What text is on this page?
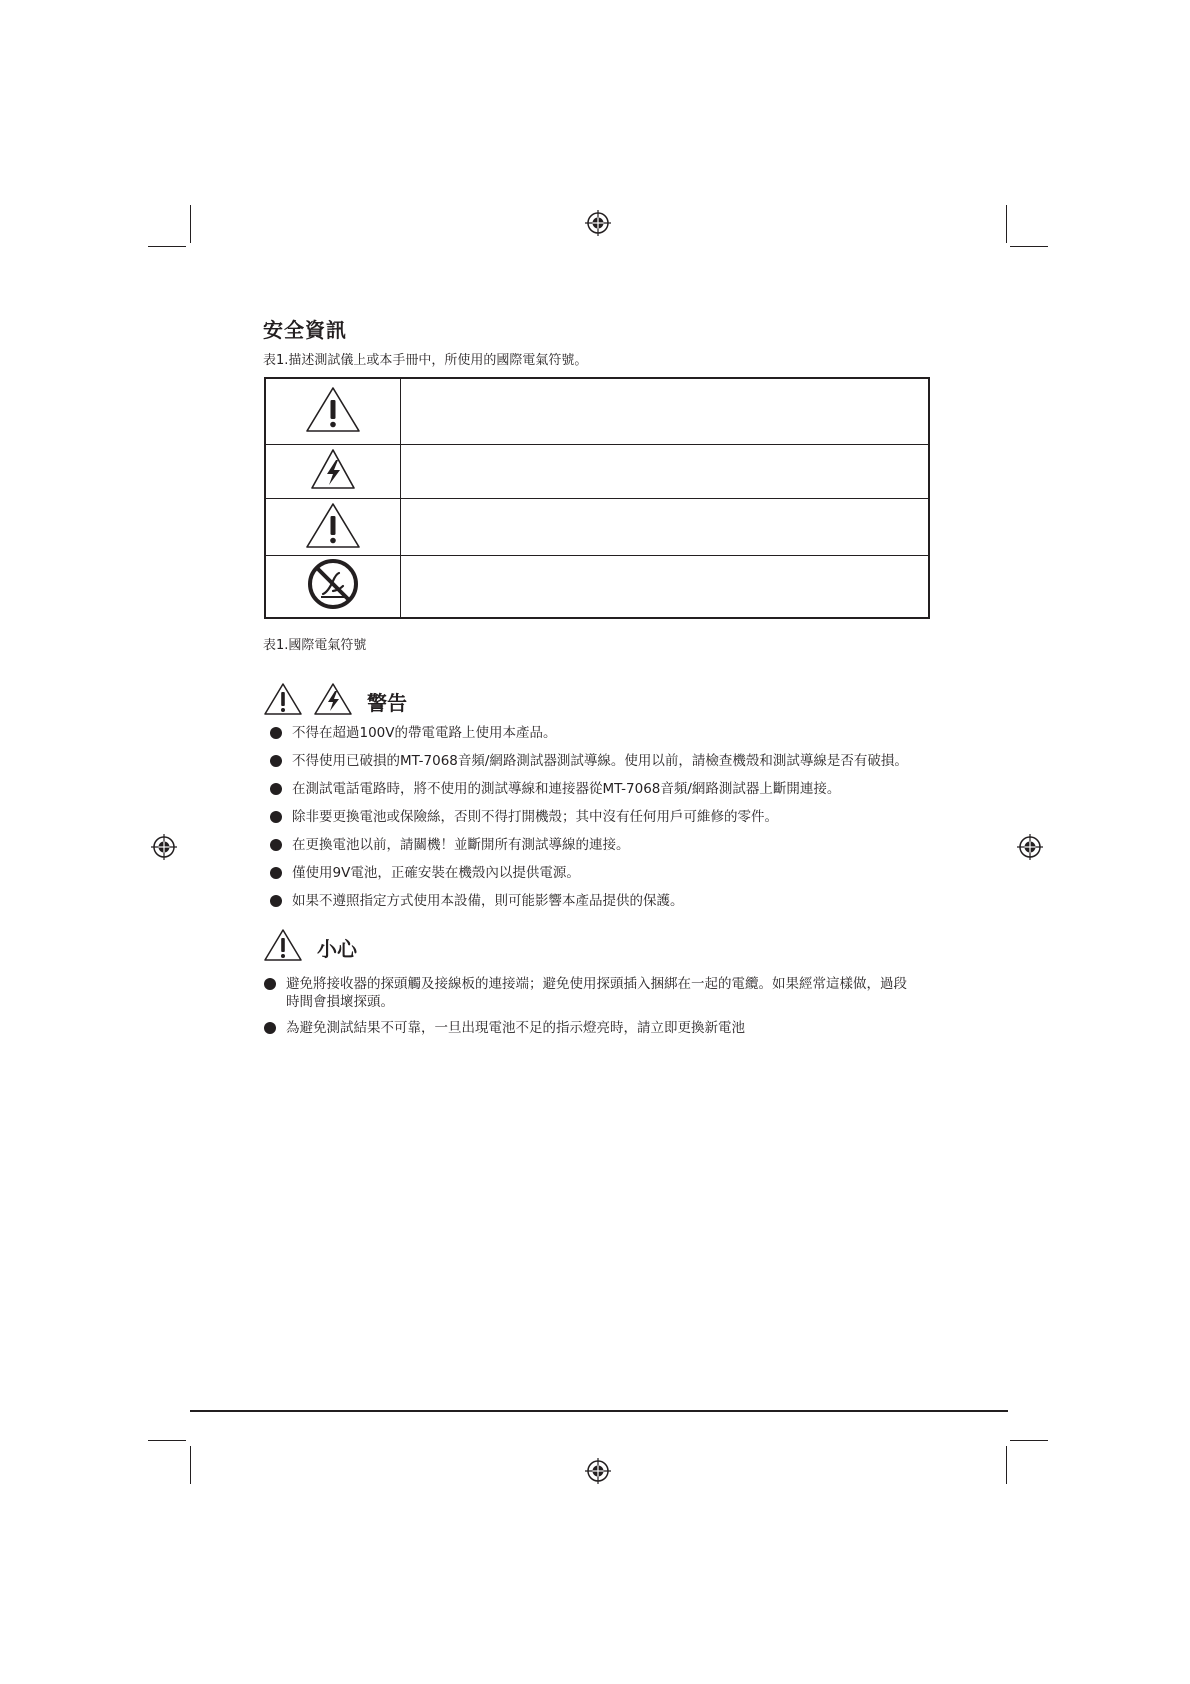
安全資訊
表1.描述測試儀上或本手冊中，所使用的國際電氣符號。

表1.國際電氣符號
警告
不得在超過100V的帶電電路上使用本產品。
不得使用已破損的MT-7068音頻/網路測試器測試導線。使用以前，請檢查機殼和測試導線是否有破損。
在測試電話電路時，將不使用的測試導線和連接器從MT-7068音頻/網路測試器上斷開連接。
除非要更換電池或保險絲，否則不得打開機殼；其中沒有任何用戶可維修的零件。
在更換電池以前，請關機！並斷開所有測試導線的連接。
僅使用9V電池，正確安裝在機殼內以提供電源。
如果不遵照指定方式使用本設備，則可能影響本產品提供的保護。
小心
避免將接收器的探頭觸及接線板的連接端；避免使用探頭插入捆綁在一起的電纜。如果經常這樣做，過段
時間會損壞探頭。
為避免測試結果不可靠，一旦出現電池不足的指示燈亮時，請立即更換新電池
